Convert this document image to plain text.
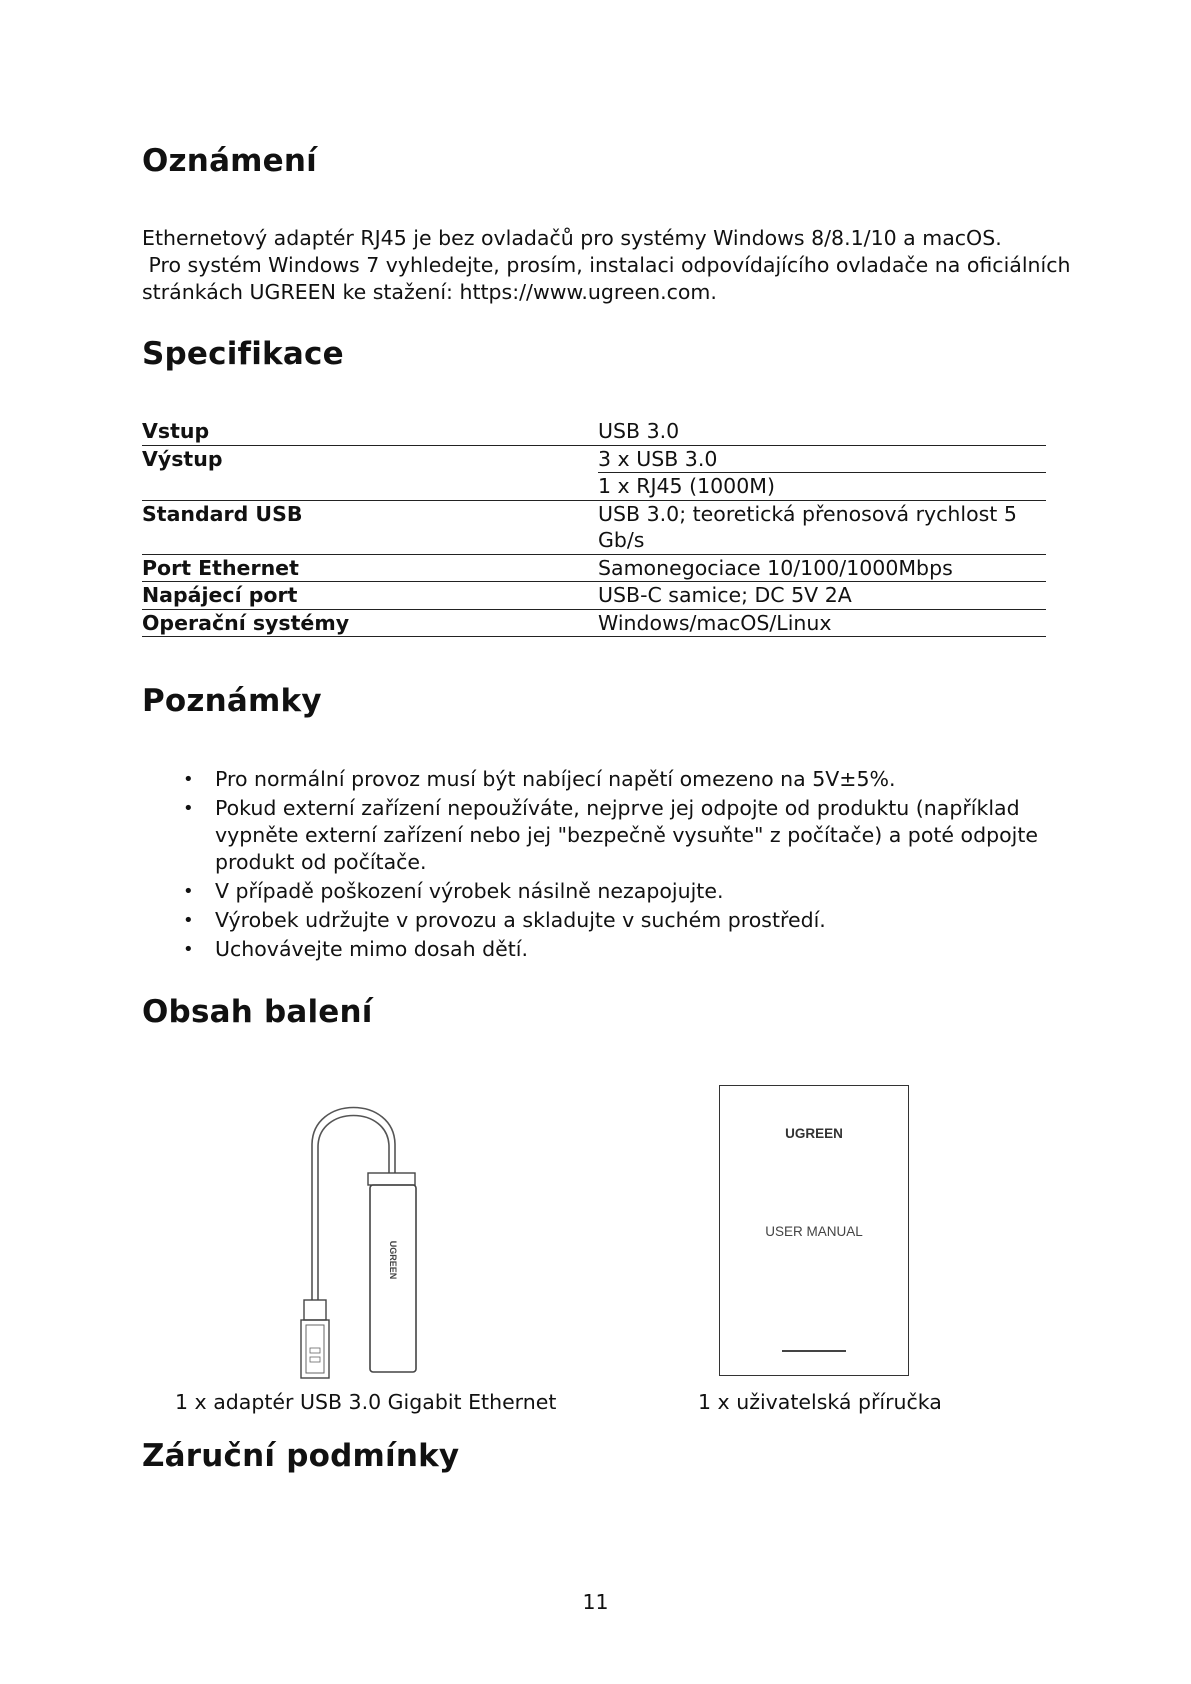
Oznámení
Ethernetový adaptér RJ45 je bez ovladačů pro systémy Windows 8/8.1/10 a macOS.
Pro systém Windows 7 vyhledejte, prosím, instalaci odpovídajícího ovladače na oficiálních
stránkách UGREEN ke stažení: https://www.ugreen.com.
Specifikace
Vstup	USB 3.0
Výstup	3 x USB 3.0
1 x RJ45 (1000M)
Standard USB	USB 3.0; teoretická přenosová rychlost 5
Gb/s
Port Ethernet	Samonegociace 10/100/1000Mbps
Napájecí port	USB-C samice; DC 5V 2A
Operační systémy	Windows/macOS/Linux
Poznámky
• Pro normální provoz musí být nabíjecí napětí omezeno na 5V±5%.
• Pokud externí zařízení nepoužíváte, nejprve jej odpojte od produktu (například
vypněte externí zařízení nebo jej "bezpečně vysuňte" z počítače) a poté odpojte
produkt od počítače.
• V případě poškození výrobek násilně nezapojujte.
• Výrobek udržujte v provozu a skladujte v suchém prostředí.
• Uchovávejte mimo dosah dětí.
Obsah balení
UGREEN
UGREEN
USER MANUAL
1 x adaptér USB 3.0 Gigabit Ethernet	1 x uživatelská příručka
Záruční podmínky
11
